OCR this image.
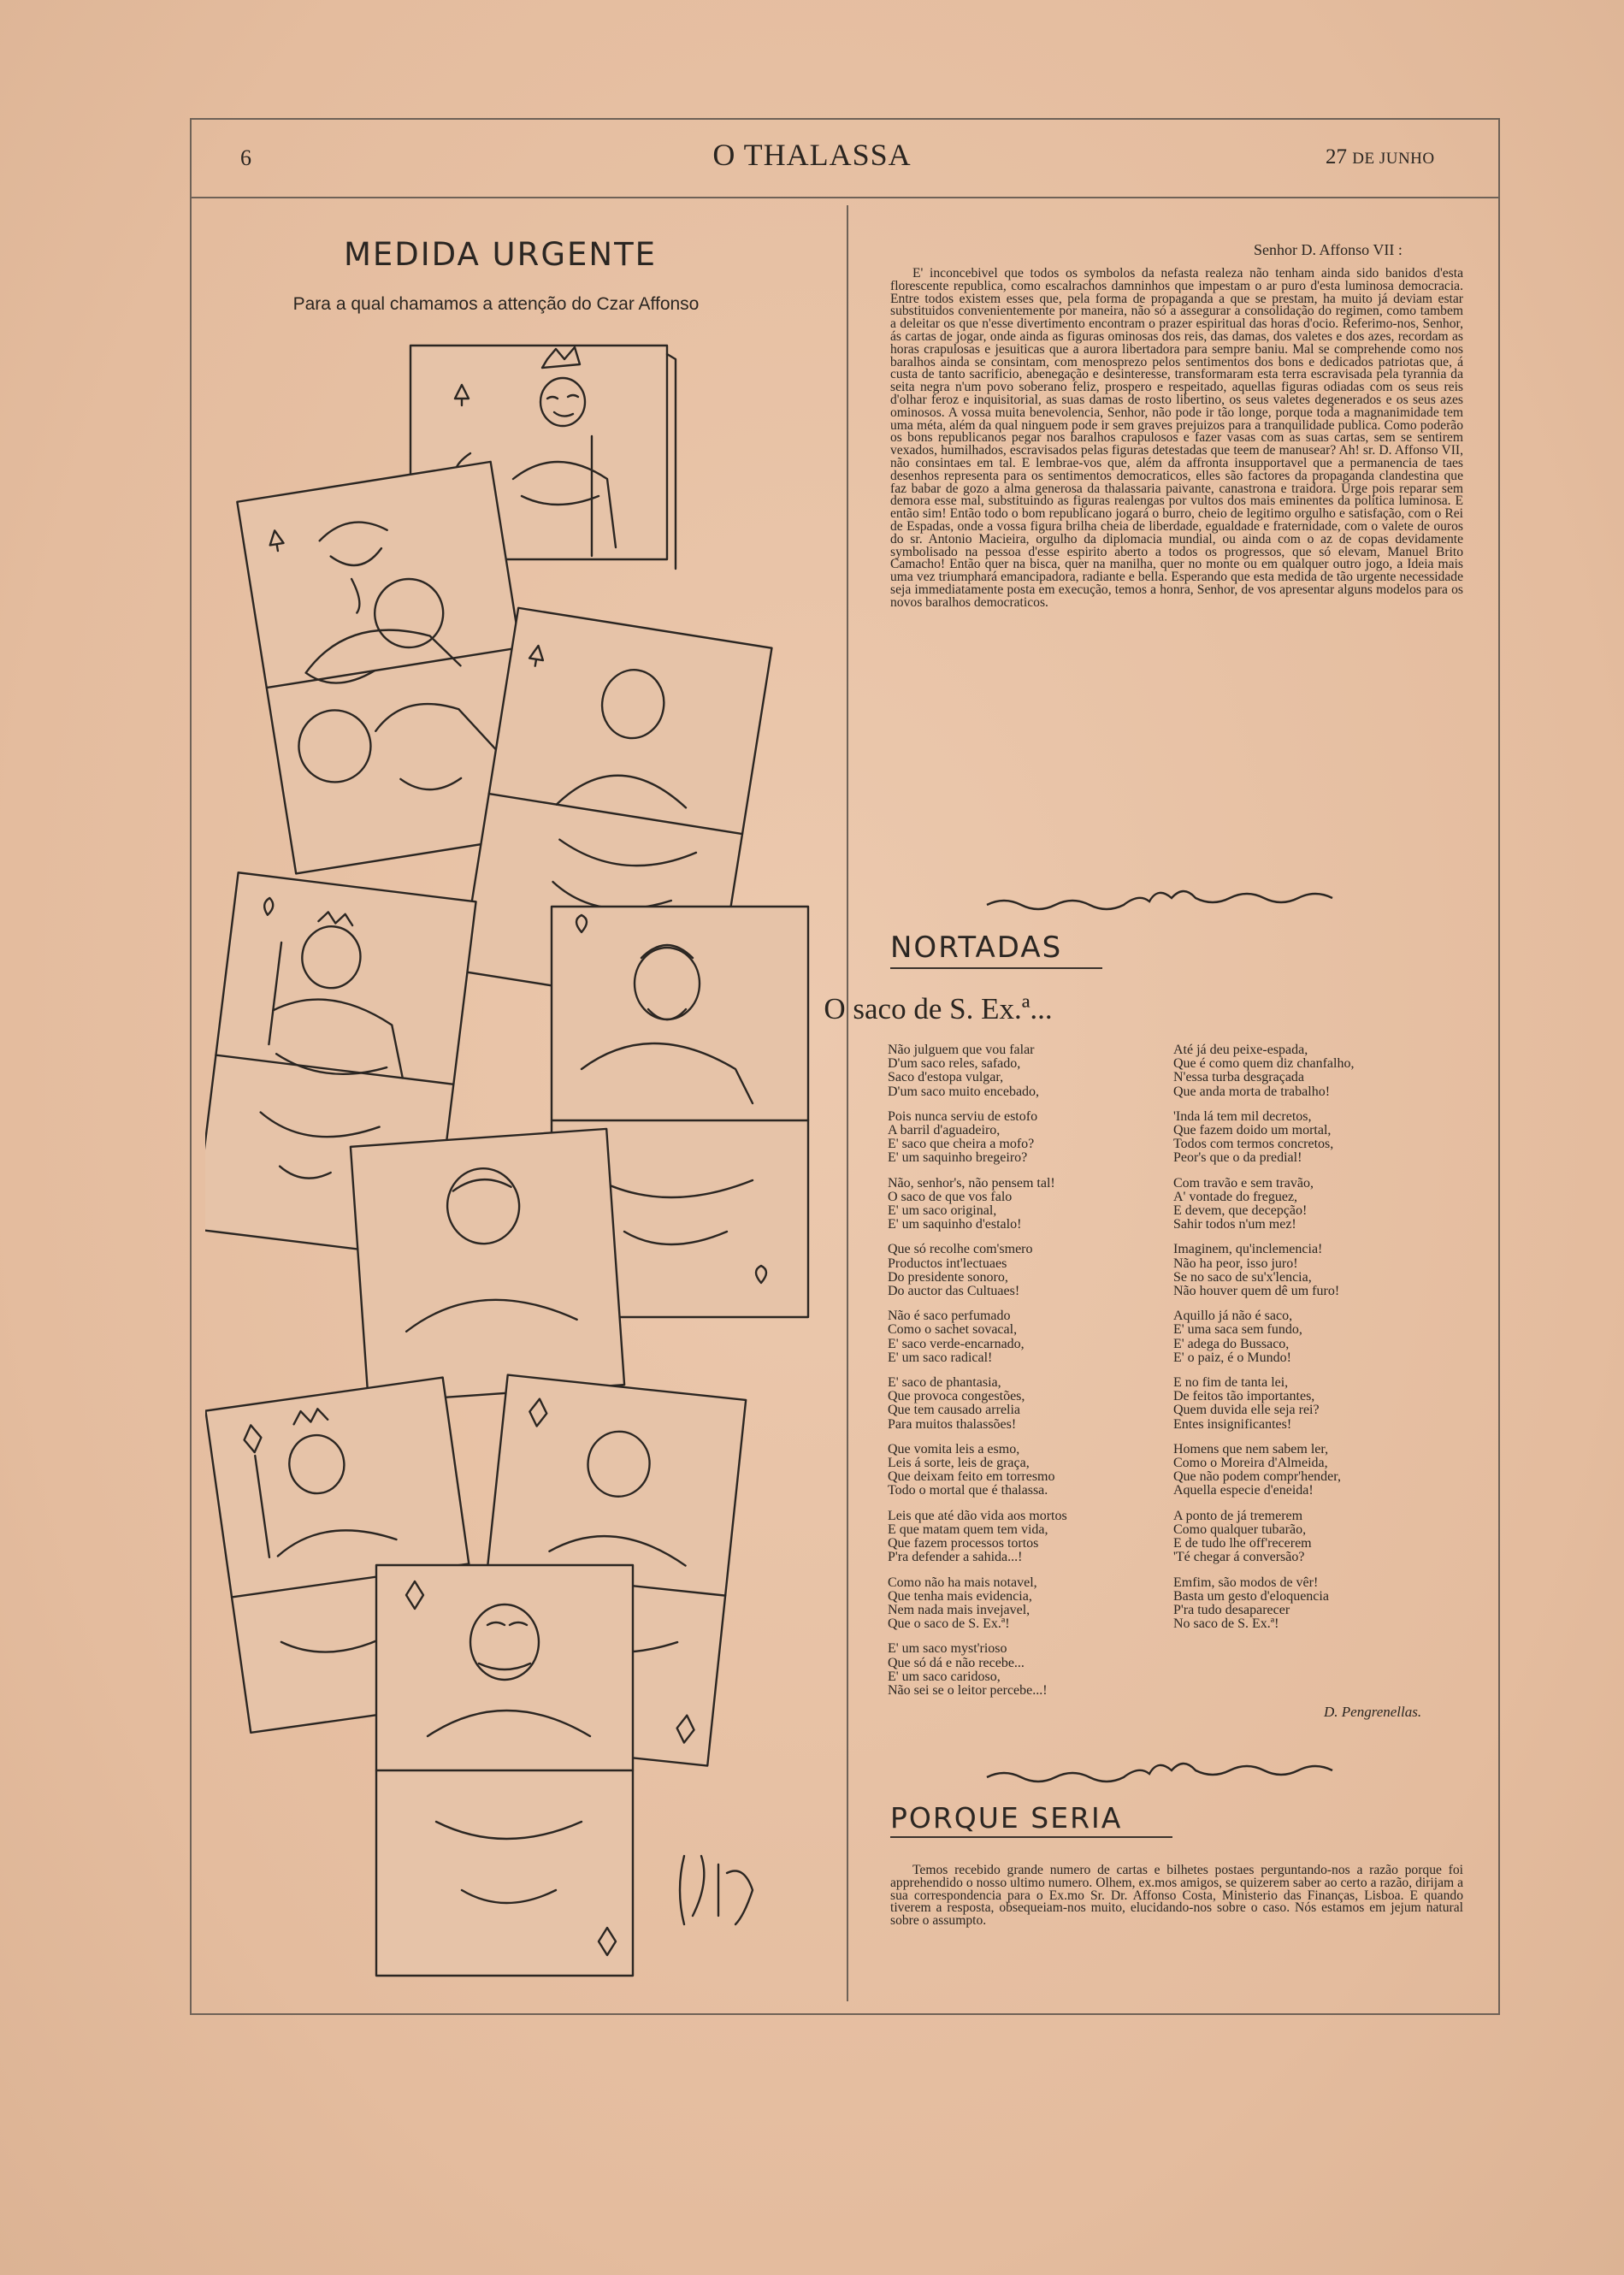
6	O THALASSA	27 DE JUNHO
MEDIDA URGENTE
Para a qual chamamos a attenção do Czar Affonso
Senhor D. Affonso VII :
E' inconcebivel que todos os symbolos da nefasta realeza não tenham ainda sido banidos d'esta florescente republica, como escalrachos damninhos que impestam o ar puro d'esta luminosa democracia. Entre todos existem esses que, pela forma de propaganda a que se prestam, ha muito já deviam estar substituidos convenientemente por maneira, não só a assegurar a consolidação do regimen, como tambem a deleitar os que n'esse divertimento encontram o prazer espiritual das horas d'ocio. Referimo-nos, Senhor, ás cartas de jogar, onde ainda as figuras ominosas dos reis, das damas, dos valetes e dos azes, recordam as horas crapulosas e jesuiticas que a aurora libertadora para sempre baniu. Mal se comprehende como nos baralhos ainda se consintam, com menosprezo pelos sentimentos dos bons e dedicados patriotas que, á custa de tanto sacrificio, abenegação e desinteresse, transformaram esta terra escravisada pela tyrannia da seita negra n'um povo soberano feliz, prospero e respeitado, aquellas figuras odiadas com os seus reis d'olhar feroz e inquisitorial, as suas damas de rosto libertino, os seus valetes degenerados e os seus azes ominosos. A vossa muita benevolencia, Senhor, não pode ir tão longe, porque toda a magnanimidade tem uma méta, além da qual ninguem pode ir sem graves prejuizos para a tranquilidade publica. Como poderão os bons republicanos pegar nos baralhos crapulosos e fazer vasas com as suas cartas, sem se sentirem vexados, humilhados, escravisados pelas figuras detestadas que teem de manusear? Ah! sr. D. Affonso VII, não consintaes em tal. E lembrae-vos que, além da affronta insupportavel que a permanencia de taes desenhos representa para os sentimentos democraticos, elles são factores da propaganda clandestina que faz babar de gozo a alma generosa da thalassaria paivante, canastrona e traidora. Urge pois reparar sem demora esse mal, substituindo as figuras realengas por vultos dos mais eminentes da politica luminosa. E então sim! Então todo o bom republicano jogará o burro, cheio de legitimo orgulho e satisfação, com o Rei de Espadas, onde a vossa figura brilha cheia de liberdade, egualdade e fraternidade, com o valete de ouros do sr. Antonio Macieira, orgulho da diplomacia mundial, ou ainda com o az de copas devidamente symbolisado na pessoa d'esse espirito aberto a todos os progressos, que só elevam, Manuel Brito Camacho! Então quer na bisca, quer na manilha, quer no monte ou em qualquer outro jogo, a Ideia mais uma vez triumphará emancipadora, radiante e bella. Esperando que esta medida de tão urgente necessidade seja immediatamente posta em execução, temos a honra, Senhor, de vos apresentar alguns modelos para os novos baralhos democraticos.
NORTADAS
O saco de S. Ex.ª...
Não julguem que vou falar
D'um saco reles, safado,
Saco d'estopa vulgar,
D'um saco muito encebado,
Pois nunca serviu de estofo
A barril d'aguadeiro,
E' saco que cheira a mofo?
E' um saquinho bregeiro?
Não, senhor's, não pensem tal!
O saco de que vos falo
E' um saco original,
E' um saquinho d'estalo!
Que só recolhe com'smero
Productos int'lectuaes
Do presidente sonoro,
Do auctor das Cultuaes!
Não é saco perfumado
Como o sachet sovacal,
E' saco verde-encarnado,
E' um saco radical!
E' saco de phantasia,
Que provoca congestões,
Que tem causado arrelia
Para muitos thalassões!
Que vomita leis a esmo,
Leis á sorte, leis de graça,
Que deixam feito em torresmo
Todo o mortal que é thalassa.
Leis que até dão vida aos mortos
E que matam quem tem vida,
Que fazem processos tortos
P'ra defender a sahida...!
Como não ha mais notavel,
Que tenha mais evidencia,
Nem nada mais invejavel,
Que o saco de S. Ex.ª!
E' um saco myst'rioso
Que só dá e não recebe...
E' um saco caridoso,
Não sei se o leitor percebe...!
Até já deu peixe-espada,
Que é como quem diz chanfalho,
N'essa turba desgraçada
Que anda morta de trabalho!
'Inda lá tem mil decretos,
Que fazem doido um mortal,
Todos com termos concretos,
Peor's que o da predial!
Com travão e sem travão,
A' vontade do freguez,
E devem, que decepção!
Sahir todos n'um mez!
Imaginem, qu'inclemencia!
Não ha peor, isso juro!
Se no saco de su'x'lencia,
Não houver quem dê um furo!
Aquillo já não é saco,
E' uma saca sem fundo,
E' adega do Bussaco,
E' o paiz, é o Mundo!
E no fim de tanta lei,
De feitos tão importantes,
Quem duvida elle seja rei?
Entes insignificantes!
Homens que nem sabem ler,
Como o Moreira d'Almeida,
Que não podem compr'hender,
Aquella especie d'eneida!
A ponto de já tremerem
Como qualquer tubarão,
E de tudo lhe off'recerem
'Té chegar á conversão?
Emfim, são modos de vêr!
Basta um gesto d'eloquencia
P'ra tudo desaparecer
No saco de S. Ex.ª!
D. Pengrenellas.
PORQUE SERIA
Temos recebido grande numero de cartas e bilhetes postaes perguntando-nos a razão porque foi apprehendido o nosso ultimo numero. Olhem, ex.mos amigos, se quizerem saber ao certo a razão, dirijam a sua correspondencia para o Ex.mo Sr. Dr. Affonso Costa, Ministerio das Finanças, Lisboa. E quando tiverem a resposta, obsequeiam-nos muito, elucidando-nos sobre o caso. Nós estamos em jejum natural sobre o assumpto.
